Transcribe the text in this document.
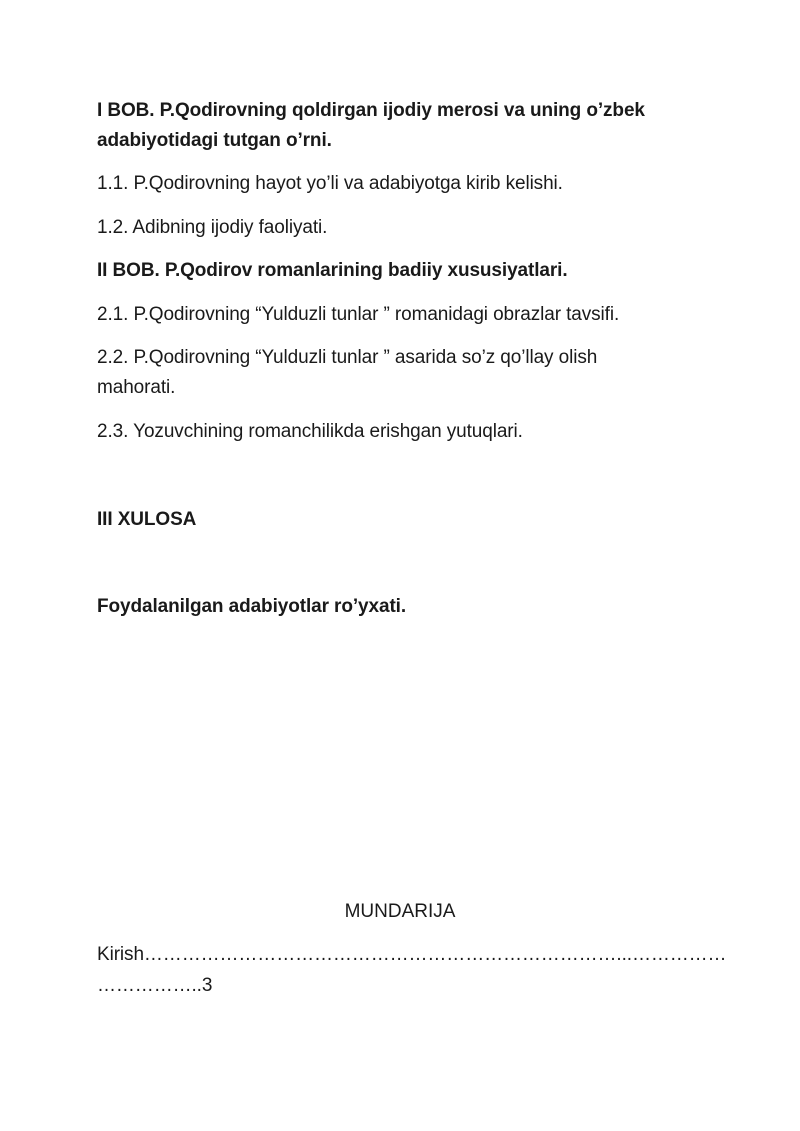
I BOB. P.Qodirovning qoldirgan ijodiy merosi va uning o’zbek
adabiyotidagi tutgan o’rni.
1.1. P.Qodirovning hayot yo’li va adabiyotga kirib kelishi.
1.2. Adibning ijodiy faoliyati.
II BOB. P.Qodirov romanlarining badiiy xususiyatlari.
2.1. P.Qodirovning “Yulduzli tunlar ” romanidagi obrazlar tavsifi.
2.2. P.Qodirovning “Yulduzli tunlar ” asarida so’z qo’llay olish
mahorati.
2.3. Yozuvchining romanchilikda erishgan yutuqlari.
III XULOSA
Foydalanilgan adabiyotlar ro’yxati.
MUNDARIJA
Kirish…………………………………………………………………...……………
……………..3
